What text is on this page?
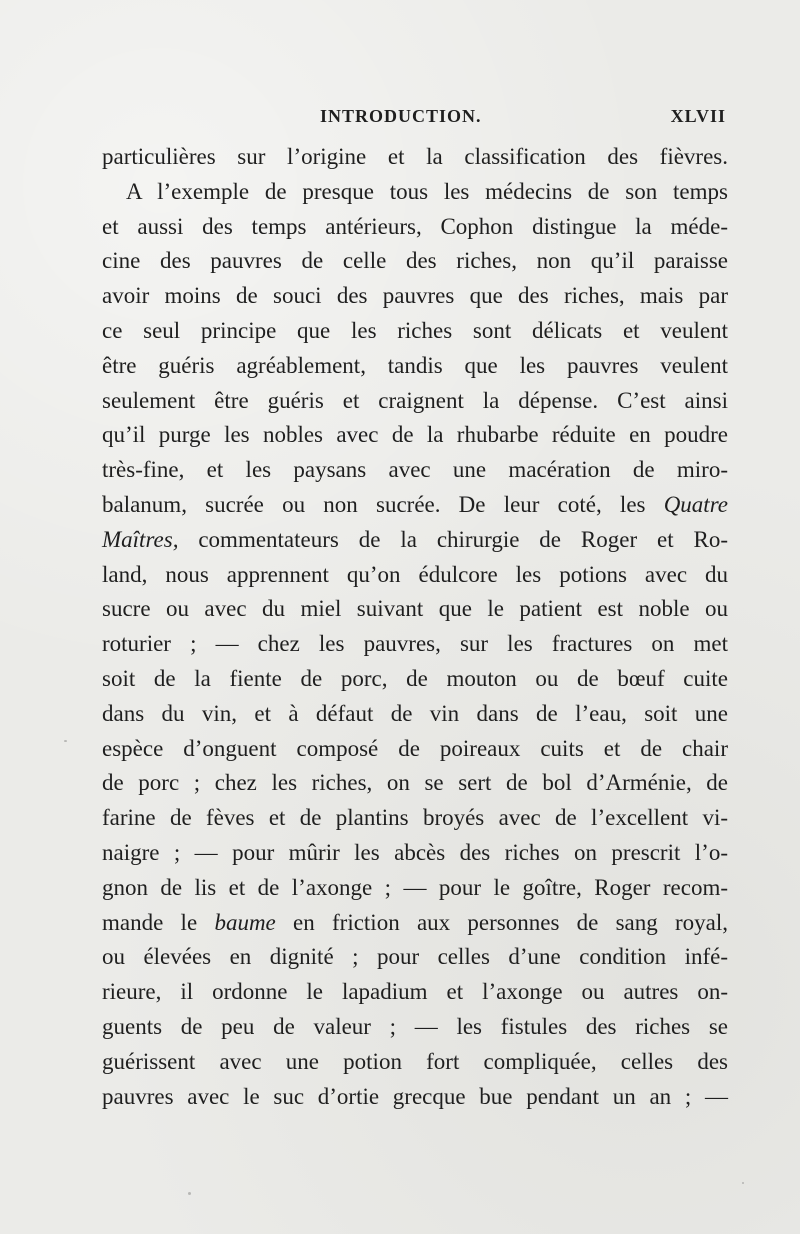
INTRODUCTION.	XLVII
particulières sur l’origine et la classification des fièvres.
A l’exemple de presque tous les médecins de son temps
et aussi des temps antérieurs, Cophon distingue la méde-
cine des pauvres de celle des riches, non qu’il paraisse
avoir moins de souci des pauvres que des riches, mais par
ce seul principe que les riches sont délicats et veulent
être guéris agréablement, tandis que les pauvres veulent
seulement être guéris et craignent la dépense. C’est ainsi
qu’il purge les nobles avec de la rhubarbe réduite en poudre
très-fine, et les paysans avec une macération de miro-
balanum, sucrée ou non sucrée. De leur coté, les Quatre
Maîtres, commentateurs de la chirurgie de Roger et Ro-
land, nous apprennent qu’on édulcore les potions avec du
sucre ou avec du miel suivant que le patient est noble ou
roturier ; — chez les pauvres, sur les fractures on met
soit de la fiente de porc, de mouton ou de bœuf cuite
dans du vin, et à défaut de vin dans de l’eau, soit une
espèce d’onguent composé de poireaux cuits et de chair
de porc ; chez les riches, on se sert de bol d’Arménie, de
farine de fèves et de plantins broyés avec de l’excellent vi-
naigre ; — pour mûrir les abcès des riches on prescrit l’o-
gnon de lis et de l’axonge ; — pour le goître, Roger recom-
mande le baume en friction aux personnes de sang royal,
ou élevées en dignité ; pour celles d’une condition infé-
rieure, il ordonne le lapadium et l’axonge ou autres on-
guents de peu de valeur ; — les fistules des riches se
guérissent avec une potion fort compliquée, celles des
pauvres avec le suc d’ortie grecque bue pendant un an ; —
